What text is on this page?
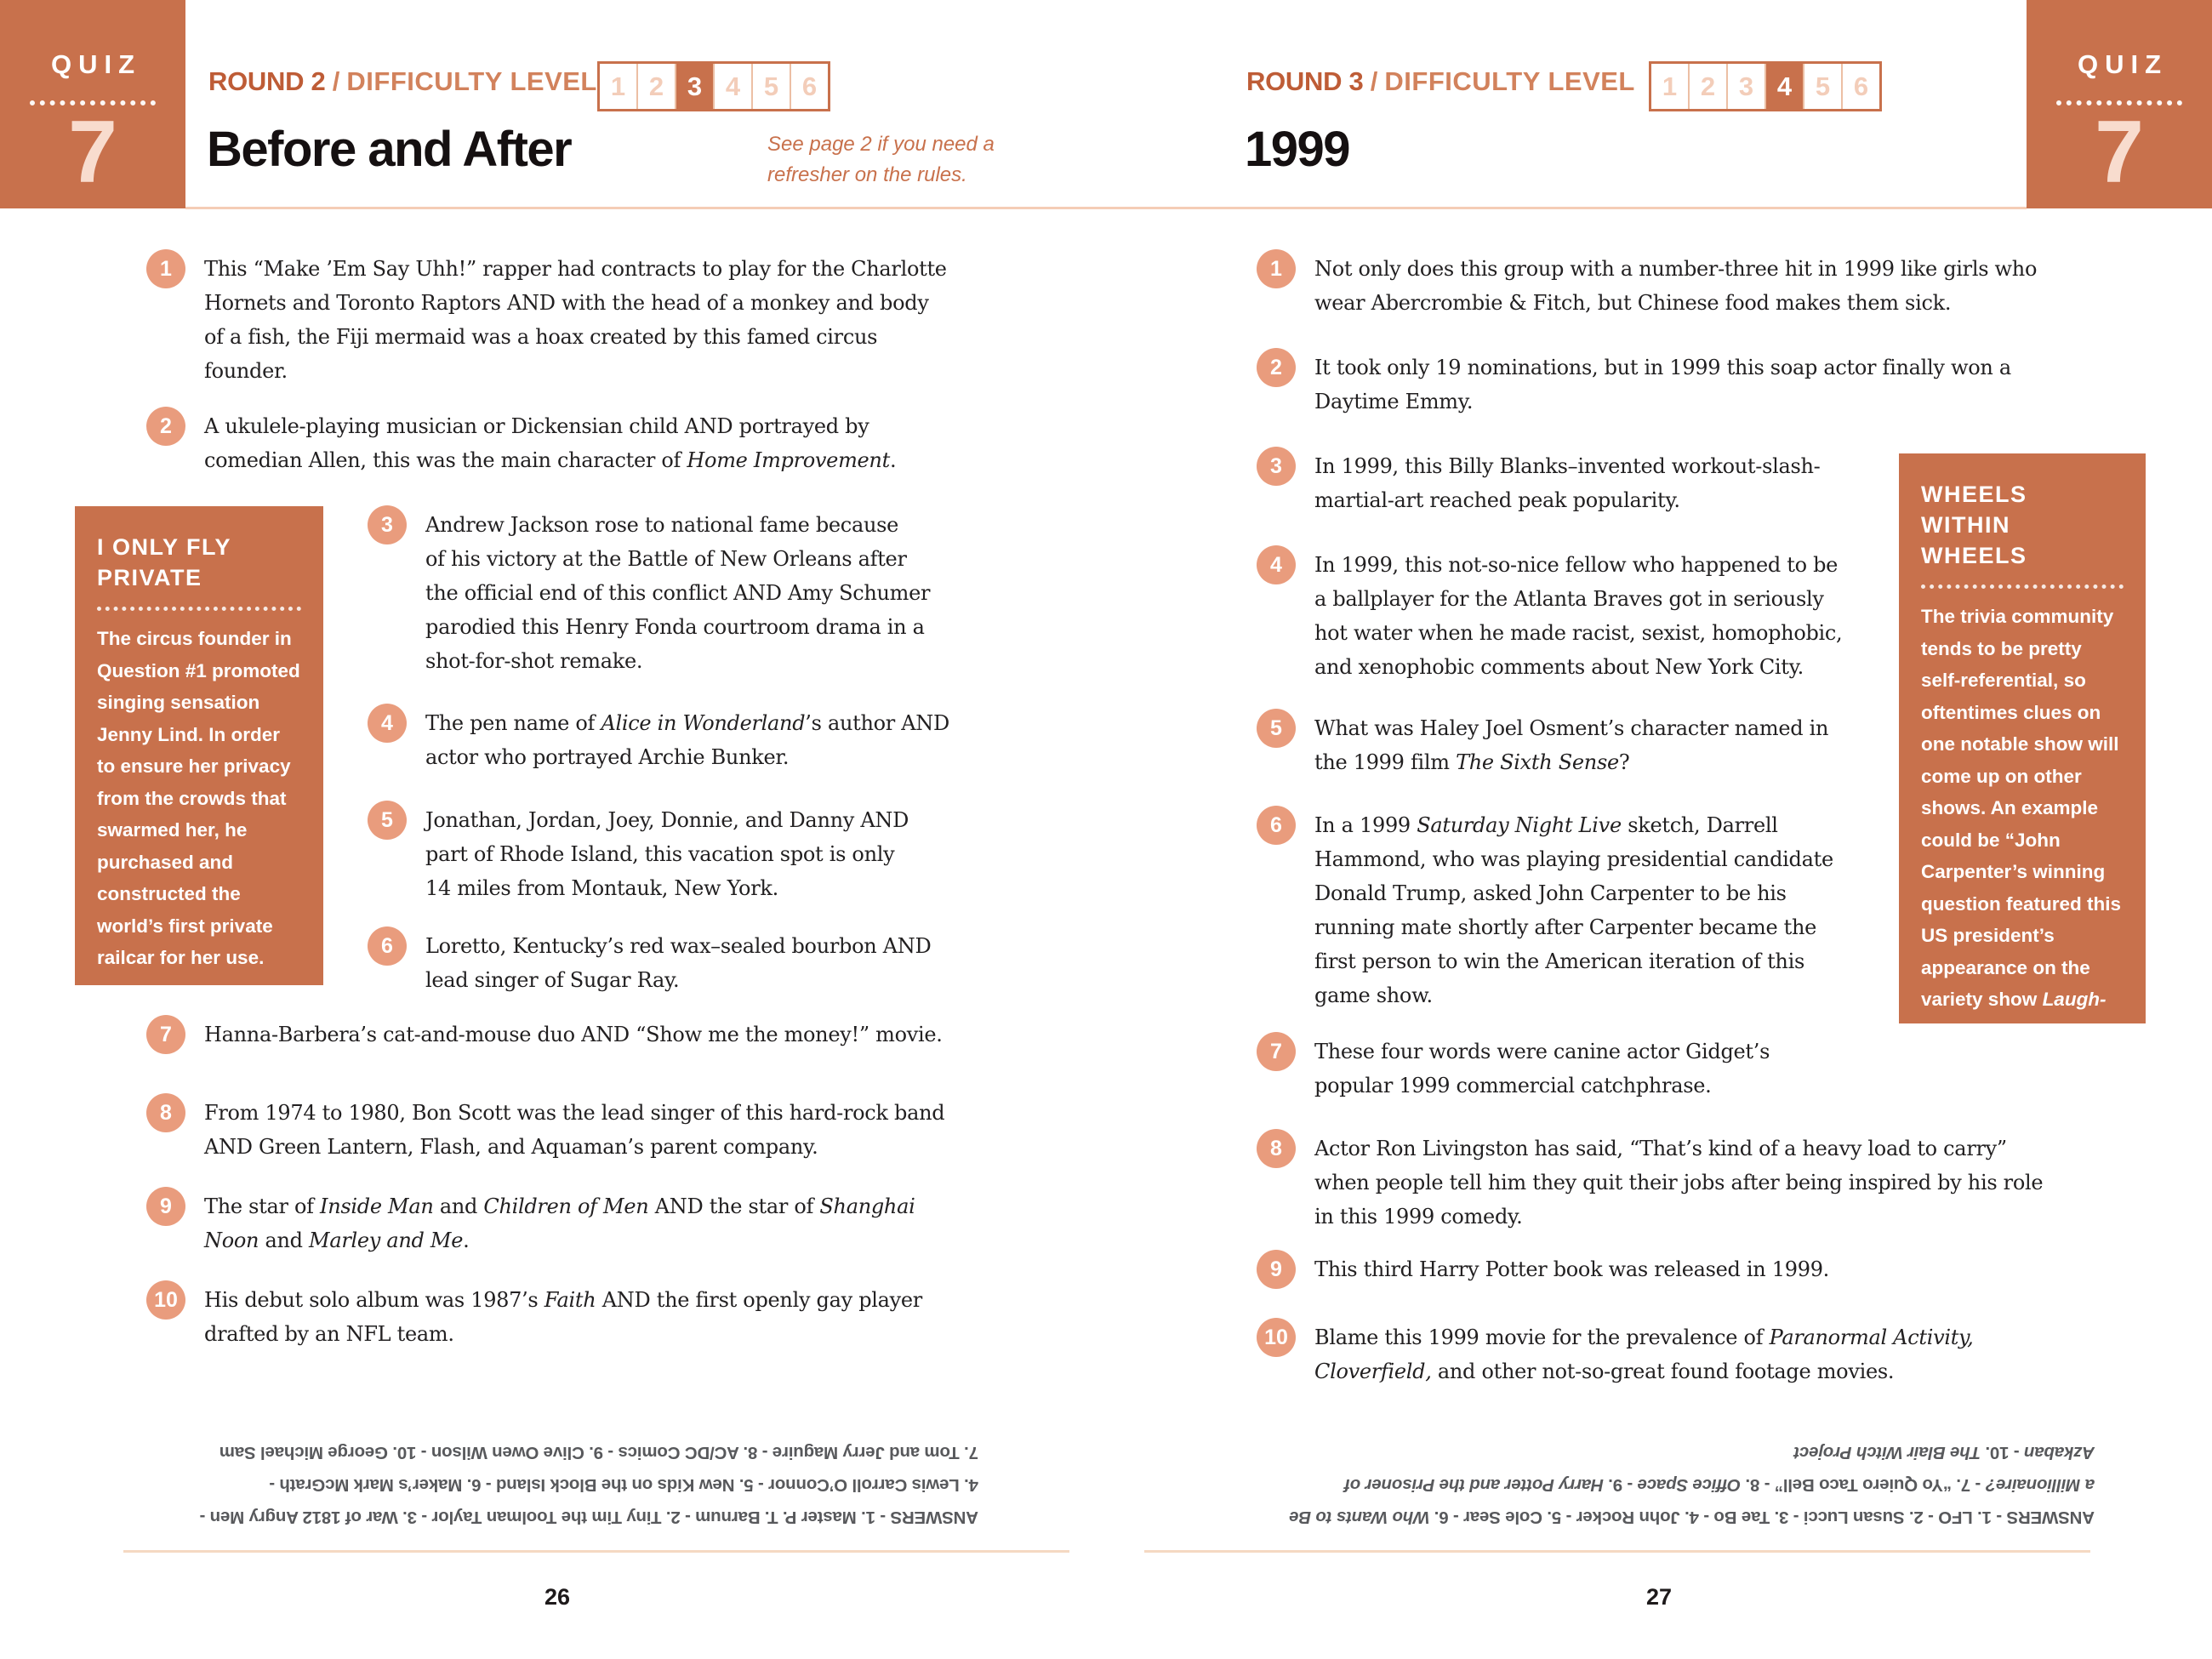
QUIZ
7
ROUND 2 / DIFFICULTY LEVEL 1 2 3 4 5 6
Before and After	See page 2 if you need a
refresher on the rules.
1	This “Make ’Em Say Uhh!” rapper had contracts to play for the Charlotte
Hornets and Toronto Raptors AND with the head of a monkey and body
of a fish, the Fiji mermaid was a hoax created by this famed circus
founder.
2	A ukulele-playing musician or Dickensian child AND portrayed by
comedian Allen, this was the main character of Home Improvement.
3	Andrew Jackson rose to national fame because
of his victory at the Battle of New Orleans after
the official end of this conflict AND Amy Schumer
parodied this Henry Fonda courtroom drama in a
shot-for-shot remake.
4	The pen name of Alice in Wonderland’s author AND
actor who portrayed Archie Bunker.
5	Jonathan, Jordan, Joey, Donnie, and Danny AND
part of Rhode Island, this vacation spot is only
14 miles from Montauk, New York.
6	Loretto, Kentucky’s red wax–sealed bourbon AND
lead singer of Sugar Ray.
7	Hanna-Barbera’s cat-and-mouse duo AND “Show me the money!” movie.
8	From 1974 to 1980, Bon Scott was the lead singer of this hard-rock band
AND Green Lantern, Flash, and Aquaman’s parent company.
9	The star of Inside Man and Children of Men AND the star of Shanghai
Noon and Marley and Me.
10	His debut solo album was 1987’s Faith AND the first openly gay player
drafted by an NFL team.
I ONLY FLY
PRIVATE
The circus founder in Question #1 promoted singing sensation Jenny Lind. In order to ensure her privacy from the crowds that swarmed her, he purchased and constructed the world’s first private railcar for her use.
ANSWERS - 1. Master P. T. Barnum - 2. Tiny Tim the Toolman Taylor - 3. War of 1812 Angry Men -
4. Lewis Carroll O’Connor - 5. New Kids on the Block Island - 6. Maker’s Mark McGrath -
7. Tom and Jerry Maguire - 8. AC/DC Comics - 9. Clive Owen Wilson - 10. George Michael Sam
26
QUIZ
7
ROUND 3 / DIFFICULTY LEVEL	1 2 3 4 5 6
1999
1	Not only does this group with a number-three hit in 1999 like girls who
wear Abercrombie & Fitch, but Chinese food makes them sick.
2	It took only 19 nominations, but in 1999 this soap actor finally won a
Daytime Emmy.
3	In 1999, this Billy Blanks–invented workout-slash-
martial-art reached peak popularity.
4	In 1999, this not-so-nice fellow who happened to be
a ballplayer for the Atlanta Braves got in seriously
hot water when he made racist, sexist, homophobic,
and xenophobic comments about New York City.
5	What was Haley Joel Osment’s character named in
the 1999 film The Sixth Sense?
6	In a 1999 Saturday Night Live sketch, Darrell
Hammond, who was playing presidential candidate
Donald Trump, asked John Carpenter to be his
running mate shortly after Carpenter became the
first person to win the American iteration of this
game show.
7	These four words were canine actor Gidget’s
popular 1999 commercial catchphrase.
8	Actor Ron Livingston has said, “That’s kind of a heavy load to carry”
when people tell him they quit their jobs after being inspired by his role
in this 1999 comedy.
9	This third Harry Potter book was released in 1999.
10	Blame this 1999 movie for the prevalence of Paranormal Activity,
Cloverfield, and other not-so-great found footage movies.
WHEELS WITHIN
WHEELS
The trivia community tends to be pretty self-referential, so oftentimes clues on one notable show will come up on other shows. An example could be “John Carpenter’s winning question featured this US president’s appearance on the variety show Laugh-In.” The answer, of course, was Richard Nixon.
ANSWERS - 1. LFO - 2. Susan Lucci - 3. Tae Bo - 4. John Rocker - 5. Cole Sear - 6. Who Wants to Be
a Millionaire? - 7. “Yo Quiero Taco Bell” - 8. Office Space - 9. Harry Potter and the Prisoner of
Azkaban - 10. The Blair Witch Project
27
